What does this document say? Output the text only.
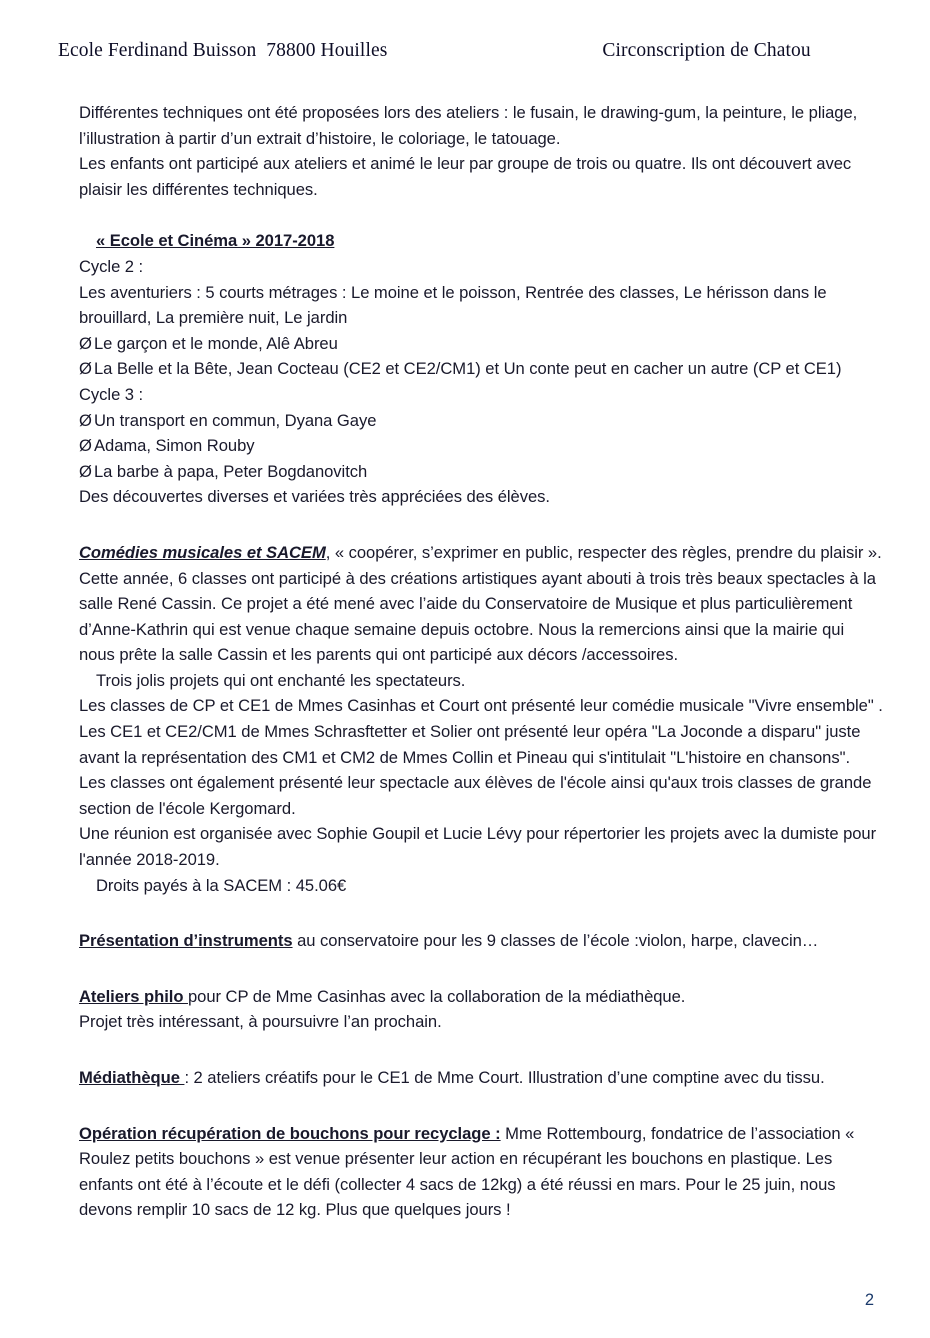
Ecole Ferdinand Buisson  78800 Houilles	Circonscription de Chatou

Différentes techniques ont été proposées lors des ateliers : le fusain, le drawing-gum, la peinture, le pliage, l’illustration à partir d’un extrait d’histoire, le coloriage, le tatouage.

Les enfants ont participé aux ateliers et animé le leur par groupe de trois ou quatre. Ils ont découvert avec plaisir les différentes techniques.

« Ecole et Cinéma » 2017-2018

Cycle 2 :

Les aventuriers : 5 courts métrages : Le moine et le poisson, Rentrée des classes, Le hérisson dans le brouillard, La première nuit, Le jardin

Ø Le garçon et le monde, Alê Abreu

Ø La Belle et la Bête, Jean Cocteau (CE2 et CE2/CM1) et Un conte peut en cacher un autre (CP et CE1)

Cycle 3 :

Ø Un transport en commun, Dyana Gaye

Ø Adama, Simon Rouby

Ø La barbe à papa, Peter Bogdanovitch

Des découvertes diverses et variées très appréciées des élèves.

Comédies musicales et SACEM, « coopérer, s’exprimer en public, respecter des règles, prendre du plaisir ». Cette année, 6 classes ont participé à des créations artistiques ayant abouti à trois très beaux spectacles à la salle René Cassin. Ce projet a été mené avec l’aide du Conservatoire de Musique et plus particulièrement d’Anne-Kathrin qui est venue chaque semaine depuis octobre. Nous la remercions ainsi que la mairie qui nous prête la salle Cassin et les parents qui ont participé aux décors /accessoires.

Trois jolis projets qui ont enchanté les spectateurs.

Les classes de CP et CE1 de Mmes Casinhas et Court ont présenté leur comédie musicale "Vivre ensemble" .

Les CE1 et CE2/CM1 de Mmes Schrasftetter et Solier ont présenté leur opéra "La Joconde a disparu" juste avant la représentation des CM1 et CM2 de Mmes Collin et Pineau qui s'intitulait "L'histoire en chansons".

Les classes ont également présenté leur spectacle aux élèves de l'école ainsi qu'aux trois classes de grande section de l'école Kergomard.

Une réunion est organisée avec Sophie Goupil et Lucie Lévy pour répertorier les projets avec la dumiste pour l'année 2018-2019.

Droits payés à la SACEM : 45.06€

Présentation d’instruments au conservatoire pour les 9 classes de l’école :violon, harpe, clavecin…

Ateliers philo pour CP de Mme Casinhas avec la collaboration de la médiathèque.

Projet très intéressant, à poursuivre l’an prochain.

Médiathèque : 2 ateliers créatifs pour le CE1 de Mme Court. Illustration d’une comptine avec du tissu.

Opération récupération de bouchons pour recyclage : Mme Rottembourg, fondatrice de l’association « Roulez petits bouchons » est venue présenter leur action en récupérant les bouchons en plastique. Les enfants ont été à l’écoute et le défi (collecter 4 sacs de 12kg) a été réussi en mars. Pour le 25 juin, nous devons remplir 10 sacs de 12 kg. Plus que quelques jours !

2
